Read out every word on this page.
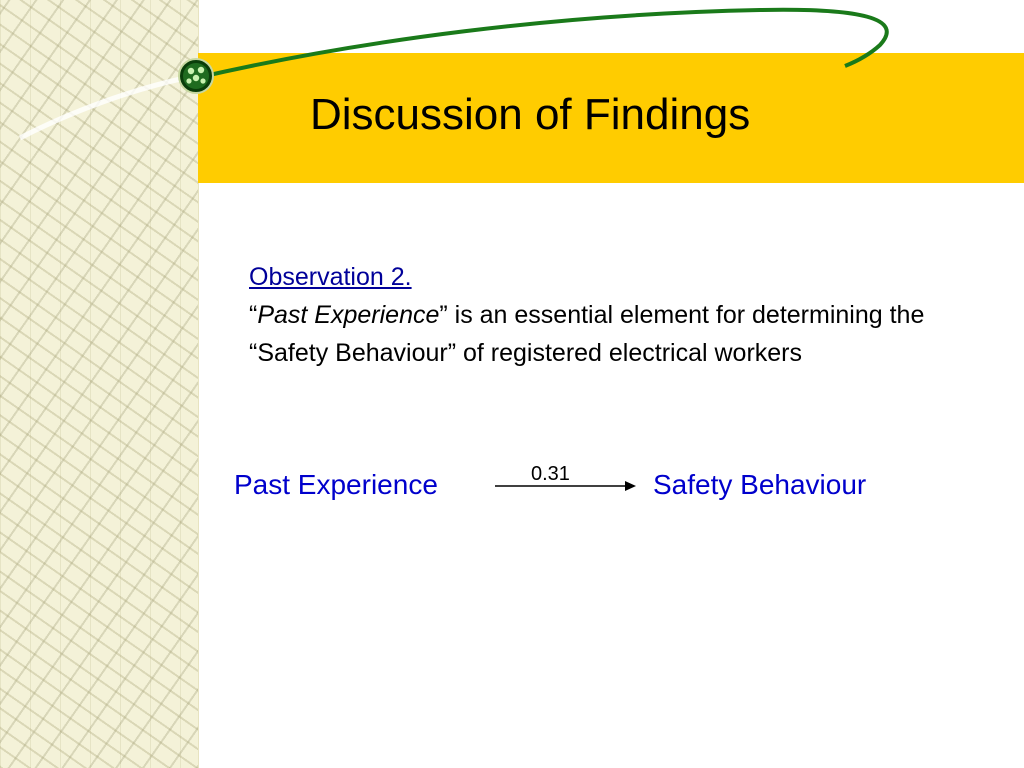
Discussion of Findings
Observation 2.
“Past Experience” is an essential element for determining the “Safety Behaviour” of registered electrical workers
Past Experience	0.31	Safety Behaviour
